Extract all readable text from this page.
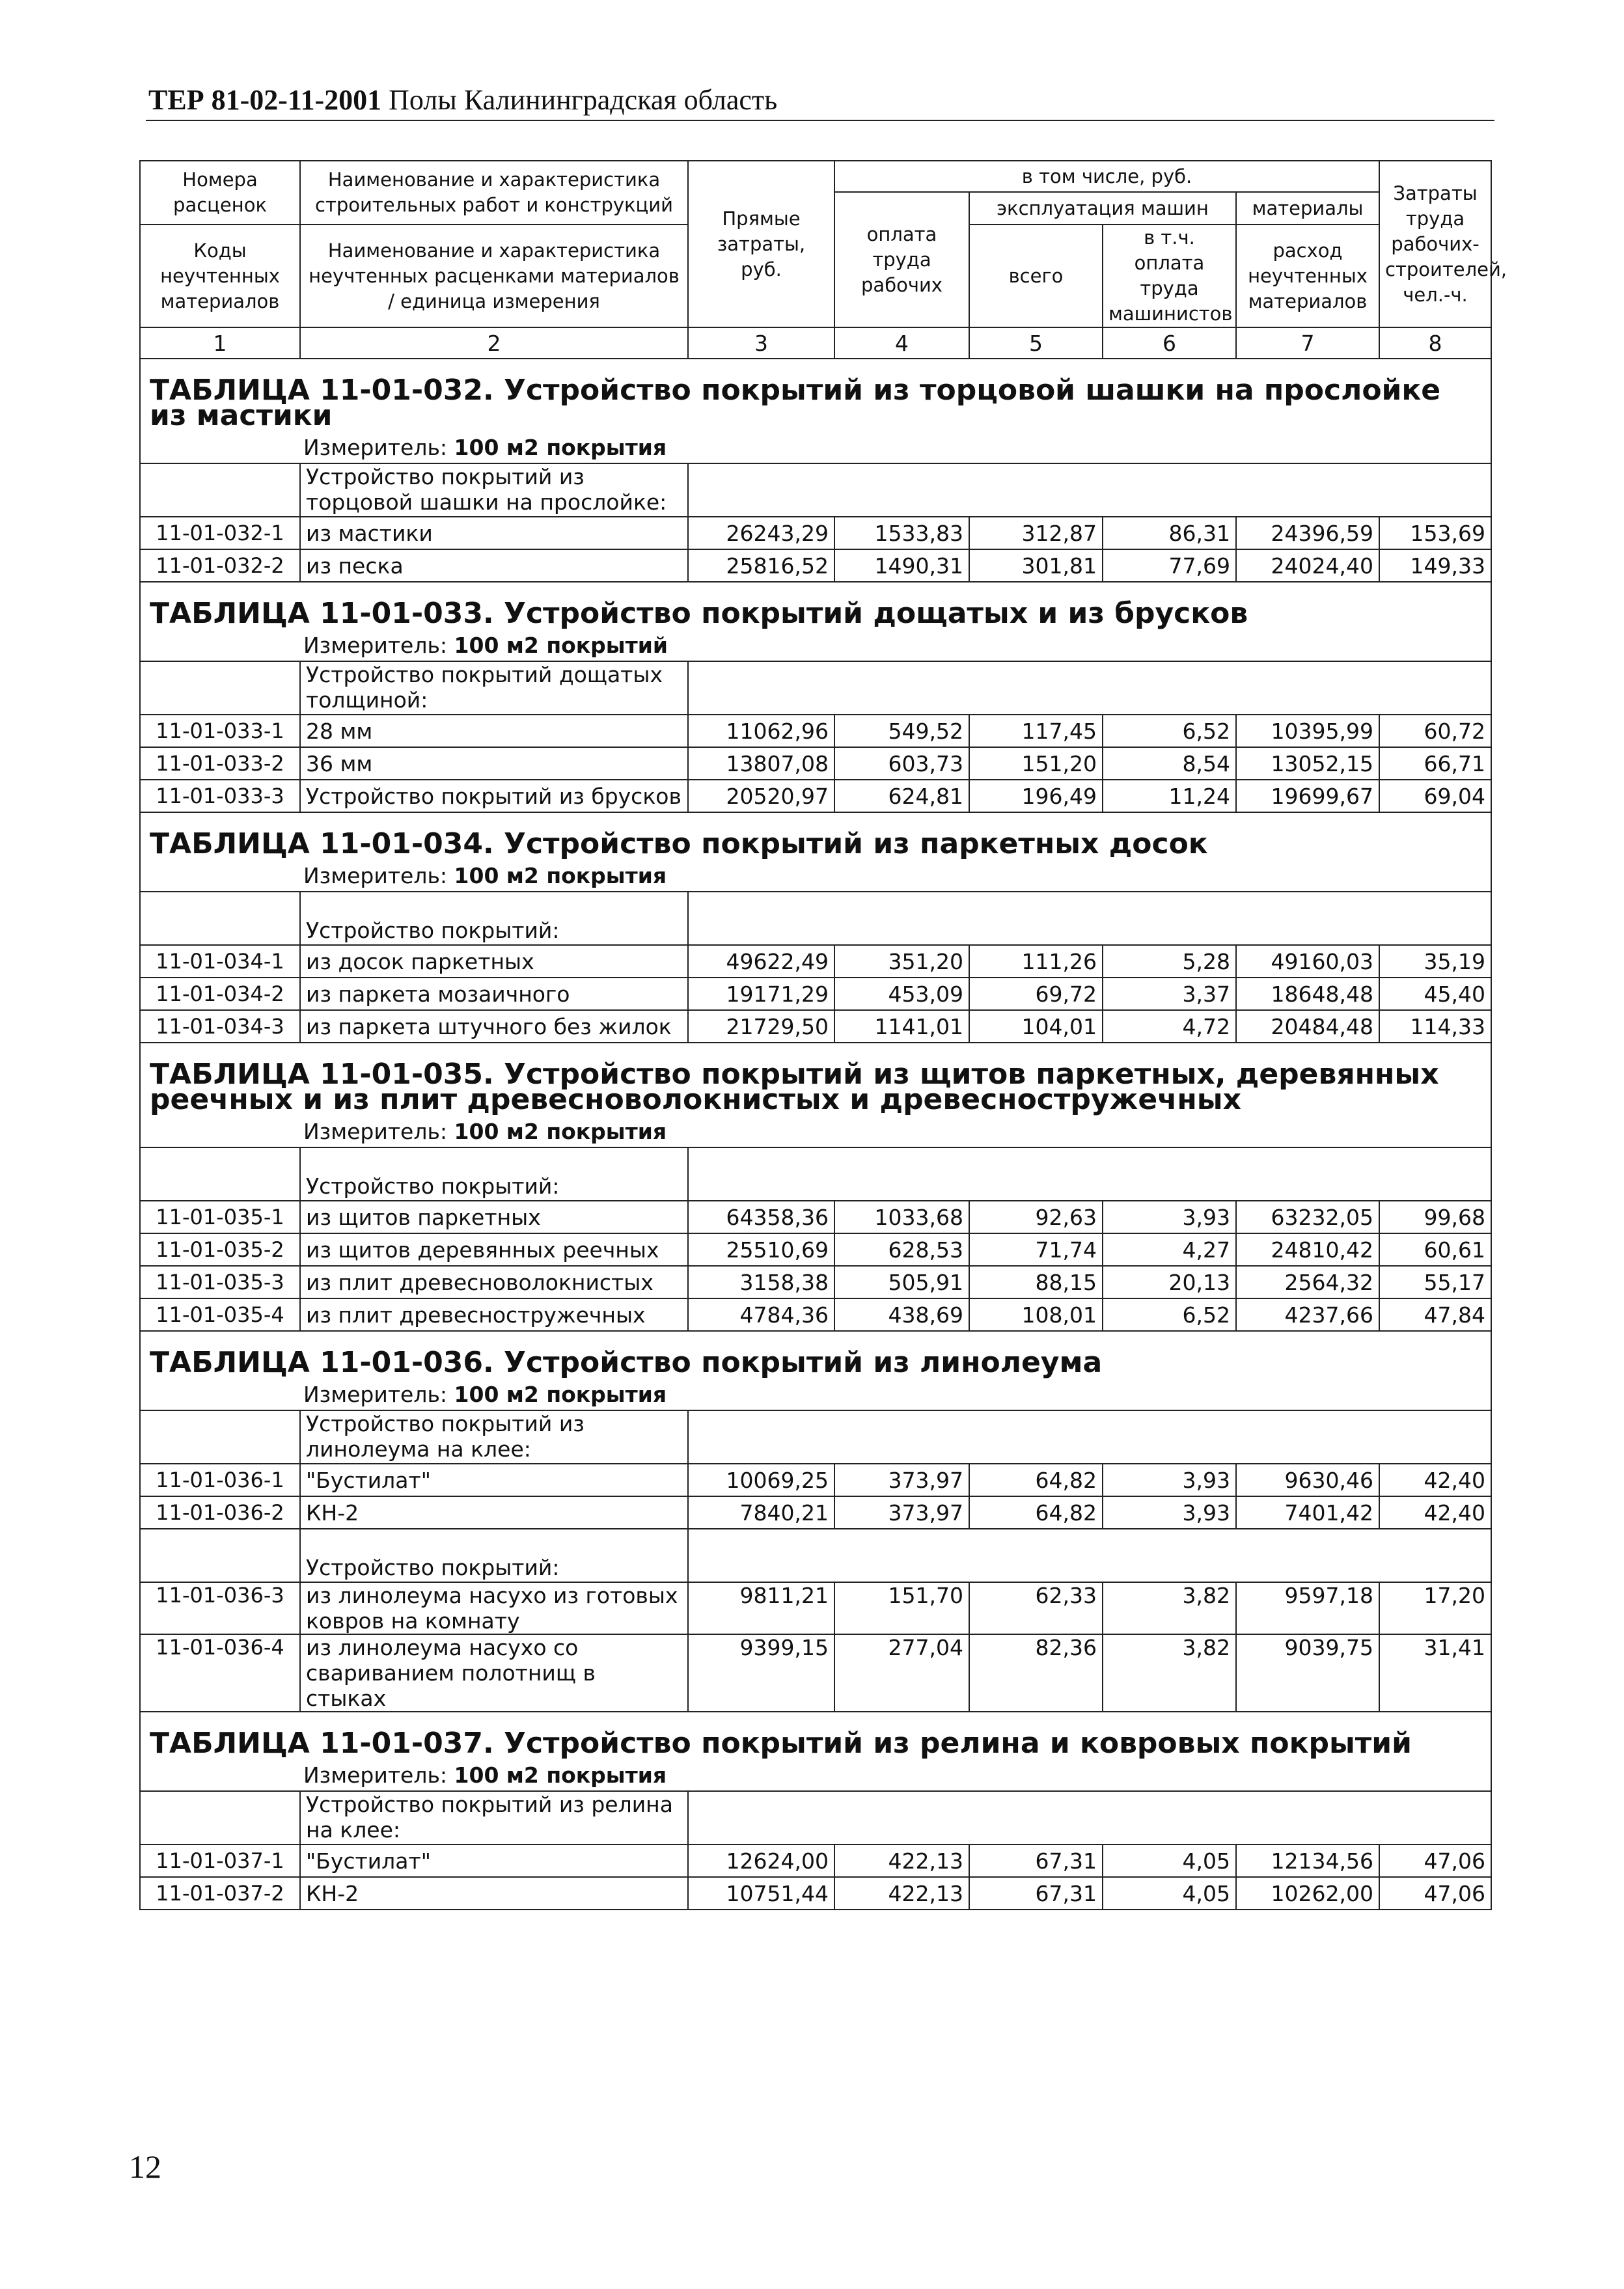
ТЕР 81-02-11-2001 Полы Калининградская область
Номера расценок	Наименование и характеристика строительных работ и конструкций	Прямые затраты, руб.	в том числе, руб.				Затраты труда рабочих-строителей, чел.-ч.
			оплата труда рабочих	эксплуатация машин		материалы	
Коды неучтенных материалов	Наименование и характеристика неучтенных расценками материалов / единица измерения			всего	в т.ч. оплата труда машинистов	расход неучтенных материалов	

1	2	3	4	5	6	7	8
ТАБЛИЦА 11-01-032. Устройство покрытий из торцовой шашки на прослойке из мастики							
Измеритель: 100 м2 покрытия							
	Устройство покрытий из торцовой шашки на прослойке:						
11-01-032-1	из мастики	26243,29	1533,83	312,87	86,31	24396,59	153,69
11-01-032-2	из песка	25816,52	1490,31	301,81	77,69	24024,40	149,33
ТАБЛИЦА 11-01-033. Устройство покрытий дощатых и из брусков							
Измеритель: 100 м2 покрытий							
	Устройство покрытий дощатых толщиной:						
11-01-033-1	28 мм	11062,96	549,52	117,45	6,52	10395,99	60,72
11-01-033-2	36 мм	13807,08	603,73	151,20	8,54	13052,15	66,71
11-01-033-3	Устройство покрытий из брусков	20520,97	624,81	196,49	11,24	19699,67	69,04
ТАБЛИЦА 11-01-034. Устройство покрытий из паркетных досок							
Измеритель: 100 м2 покрытия							
	Устройство покрытий:						
11-01-034-1	из досок паркетных	49622,49	351,20	111,26	5,28	49160,03	35,19
11-01-034-2	из паркета мозаичного	19171,29	453,09	69,72	3,37	18648,48	45,40
11-01-034-3	из паркета штучного без жилок	21729,50	1141,01	104,01	4,72	20484,48	114,33
ТАБЛИЦА 11-01-035. Устройство покрытий из щитов паркетных, деревянных реечных и из плит древесноволокнистых и древесностружечных							
Измеритель: 100 м2 покрытия							
	Устройство покрытий:						
11-01-035-1	из щитов паркетных	64358,36	1033,68	92,63	3,93	63232,05	99,68
11-01-035-2	из щитов деревянных реечных	25510,69	628,53	71,74	4,27	24810,42	60,61
11-01-035-3	из плит древесноволокнистых	3158,38	505,91	88,15	20,13	2564,32	55,17
11-01-035-4	из плит древесностружечных	4784,36	438,69	108,01	6,52	4237,66	47,84
ТАБЛИЦА 11-01-036. Устройство покрытий из линолеума							
Измеритель: 100 м2 покрытия							
	Устройство покрытий из линолеума на клее:						
11-01-036-1	"Бустилат"	10069,25	373,97	64,82	3,93	9630,46	42,40
11-01-036-2	КН-2	7840,21	373,97	64,82	3,93	7401,42	42,40
	Устройство покрытий:						
11-01-036-3	из линолеума насухо из готовых ковров на комнату	9811,21	151,70	62,33	3,82	9597,18	17,20
11-01-036-4	из линолеума насухо со свариванием полотнищ в стыках	9399,15	277,04	82,36	3,82	9039,75	31,41
ТАБЛИЦА 11-01-037. Устройство покрытий из релина и ковровых покрытий							
Измеритель: 100 м2 покрытия							
	Устройство покрытий из релина на клее:						
11-01-037-1	"Бустилат"	12624,00	422,13	67,31	4,05	12134,56	47,06
11-01-037-2	КН-2	10751,44	422,13	67,31	4,05	10262,00	47,06
12
